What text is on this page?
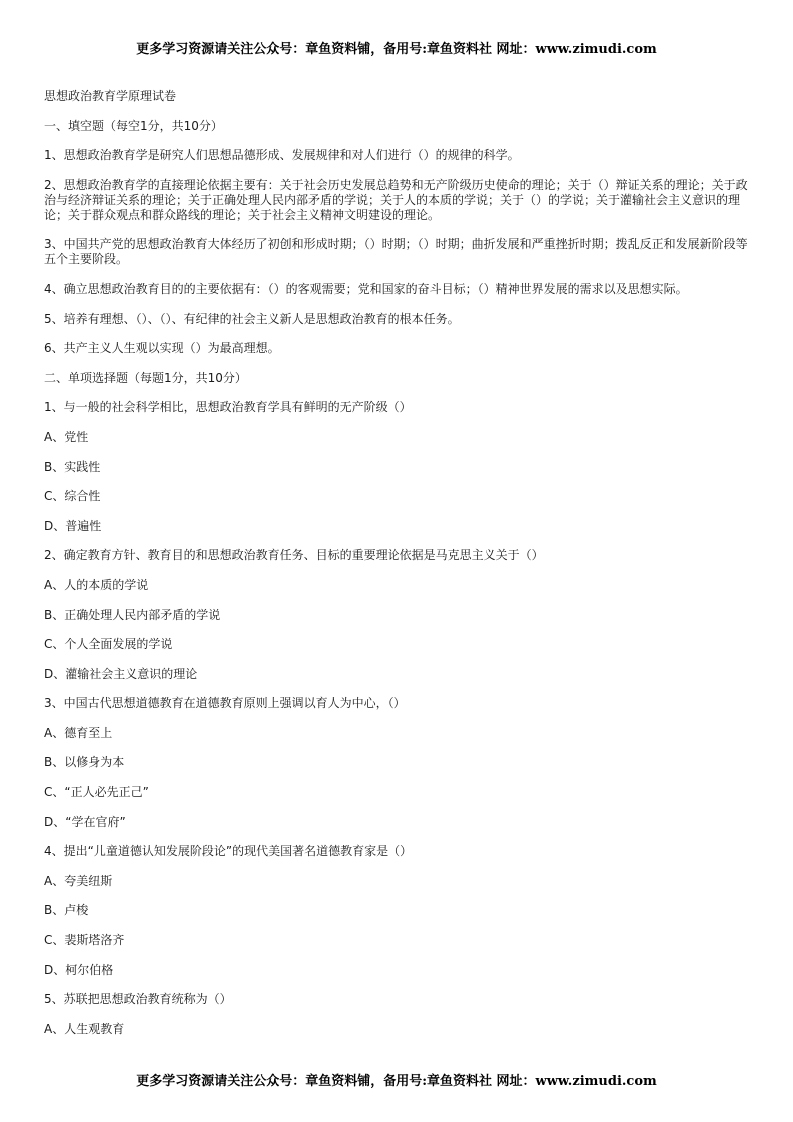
更多学习资源请关注公众号：章鱼资料铺，备用号:章鱼资料社 网址：www.zimudi.com

思想政治教育学原理试卷

一、填空题（每空1分，共10分）

1、思想政治教育学是研究人们思想品德形成、发展规律和对人们进行（）的规律的科学。

2、思想政治教育学的直接理论依据主要有：关于社会历史发展总趋势和无产阶级历史使命的理论；关于（）辩证关系的理论；关于政治与经济辩证关系的理论；关于正确处理人民内部矛盾的学说；关于人的本质的学说；关于（）的学说；关于灌输社会主义意识的理论；关于群众观点和群众路线的理论；关于社会主义精神文明建设的理论。

3、中国共产党的思想政治教育大体经历了初创和形成时期；（）时期；（）时期；曲折发展和严重挫折时期；拨乱反正和发展新阶段等五个主要阶段。

4、确立思想政治教育目的的主要依据有：（）的客观需要；党和国家的奋斗目标；（）精神世界发展的需求以及思想实际。

5、培养有理想、（）、（）、有纪律的社会主义新人是思想政治教育的根本任务。

6、共产主义人生观以实现（）为最高理想。

二、单项选择题（每题1分，共10分）

1、与一般的社会科学相比，思想政治教育学具有鲜明的无产阶级（）

A、党性

B、实践性

C、综合性

D、普遍性

2、确定教育方针、教育目的和思想政治教育任务、目标的重要理论依据是马克思主义关于（）

A、人的本质的学说

B、正确处理人民内部矛盾的学说

C、个人全面发展的学说

D、灌输社会主义意识的理论

3、中国古代思想道德教育在道德教育原则上强调以育人为中心，（）

A、德育至上

B、以修身为本

C、“正人必先正己”

D、“学在官府”

4、提出“儿童道德认知发展阶段论”的现代美国著名道德教育家是（）

A、夸美纽斯

B、卢梭

C、裴斯塔洛齐

D、柯尔伯格

5、苏联把思想政治教育统称为（）

A、人生观教育

更多学习资源请关注公众号：章鱼资料铺，备用号:章鱼资料社 网址：www.zimudi.com
